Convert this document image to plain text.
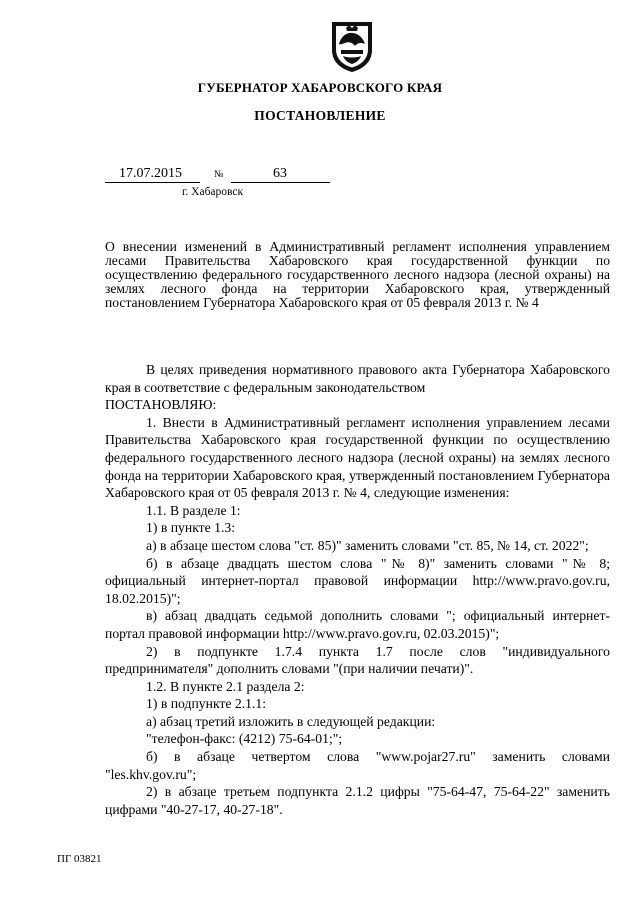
ГУБЕРНАТОР ХАБАРОВСКОГО КРАЯ
ПОСТАНОВЛЕНИЕ
17.07.2015	№	63
г. Хабаровск
О внесении изменений в Административный регламент исполнения управлением лесами Правительства Хабаровского края государственной функции по осуществлению федерального государственного лесного надзора (лесной охраны) на землях лесного фонда на территории Хабаровского края, утвержденный постановлением Губернатора Хабаровского края от 05 февраля 2013 г. № 4

В целях приведения нормативного правового акта Губернатора Хабаровского края в соответствие с федеральным законодательством

ПОСТАНОВЛЯЮ:

1. Внести в Административный регламент исполнения управлением лесами Правительства Хабаровского края государственной функции по осуществлению федерального государственного лесного надзора (лесной охраны) на землях лесного фонда на территории Хабаровского края, утвержденный постановлением Губернатора Хабаровского края от 05 февраля 2013 г. № 4, следующие изменения:

1.1. В разделе 1:

1) в пункте 1.3:

а) в абзаце шестом слова "ст. 85)" заменить словами "ст. 85, № 14, ст. 2022";

б) в абзаце двадцать шестом слова "№ 8)" заменить словами "№ 8; официальный интернет-портал правовой информации http://www.pravo.gov.ru, 18.02.2015)";

в) абзац двадцать седьмой дополнить словами "; официальный интернет-портал правовой информации http://www.pravo.gov.ru, 02.03.2015)";

2) в подпункте 1.7.4 пункта 1.7 после слов "индивидуального предпринимателя" дополнить словами "(при наличии печати)".

1.2. В пункте 2.1 раздела 2:

1) в подпункте 2.1.1:

а) абзац третий изложить в следующей редакции:

"телефон-факс: (4212) 75-64-01;";

б) в абзаце четвертом слова "www.pojar27.ru" заменить словами "les.khv.gov.ru";

2) в абзаце третьем подпункта 2.1.2 цифры "75-64-47, 75-64-22" заменить цифрами "40-27-17, 40-27-18".

ПГ 03821
